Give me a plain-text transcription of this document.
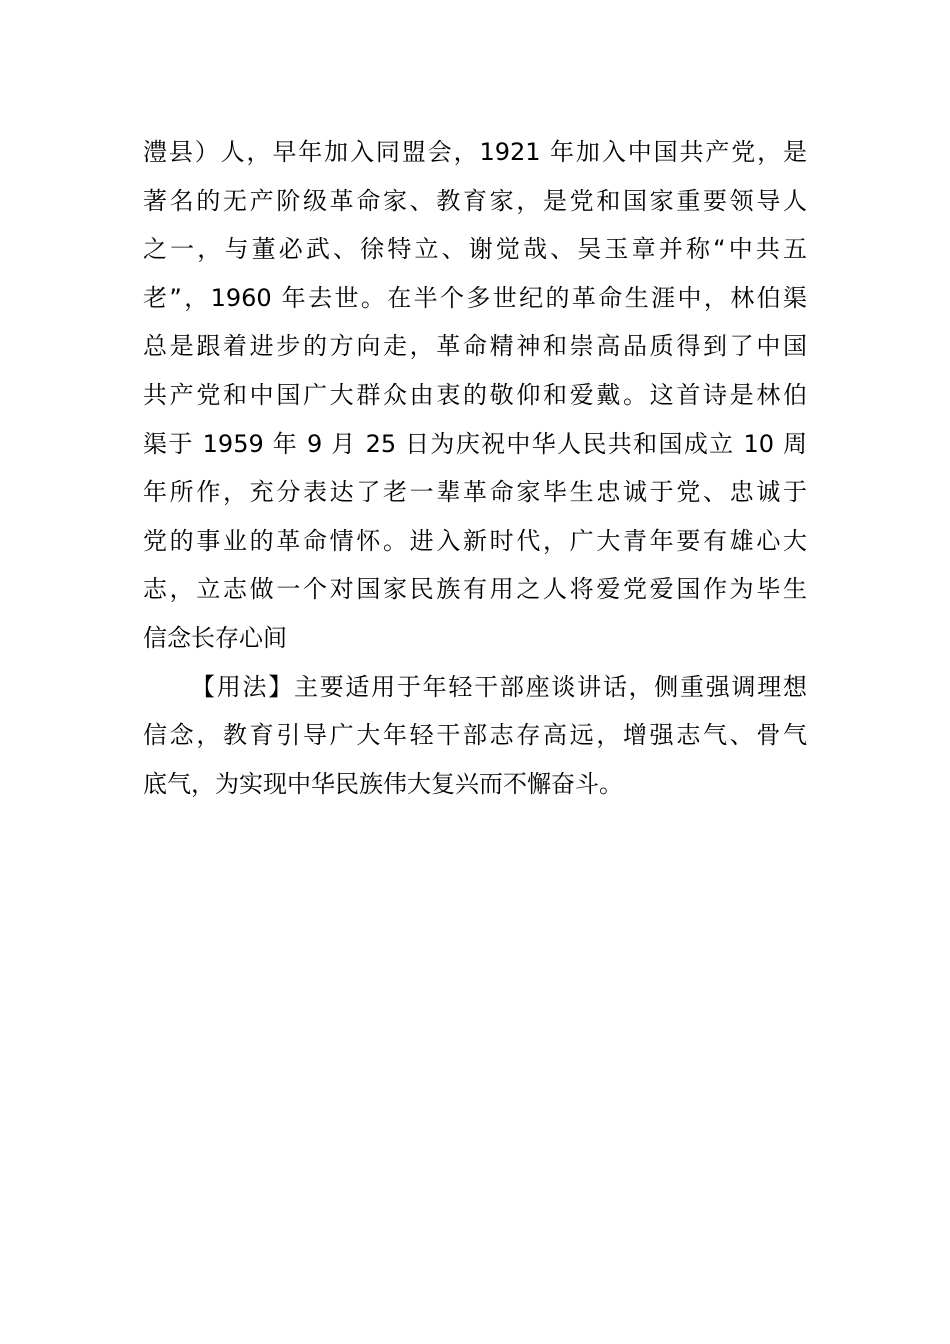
澧县）人，早年加入同盟会，1921 年加入中国共产党，是
著名的无产阶级革命家、教育家，是党和国家重要领导人
之一，与董必武、徐特立、谢觉哉、吴玉章并称“中共五
老”，1960 年去世。在半个多世纪的革命生涯中，林伯渠
总是跟着进步的方向走，革命精神和崇高品质得到了中国
共产党和中国广大群众由衷的敬仰和爱戴。这首诗是林伯
渠于 1959 年 9 月 25 日为庆祝中华人民共和国成立 10 周
年所作，充分表达了老一辈革命家毕生忠诚于党、忠诚于
党的事业的革命情怀。进入新时代，广大青年要有雄心大
志，立志做一个对国家民族有用之人将爱党爱国作为毕生
信念长存心间
【用法】主要适用于年轻干部座谈讲话，侧重强调理想
信念，教育引导广大年轻干部志存高远，增强志气、骨气
底气，为实现中华民族伟大复兴而不懈奋斗。
